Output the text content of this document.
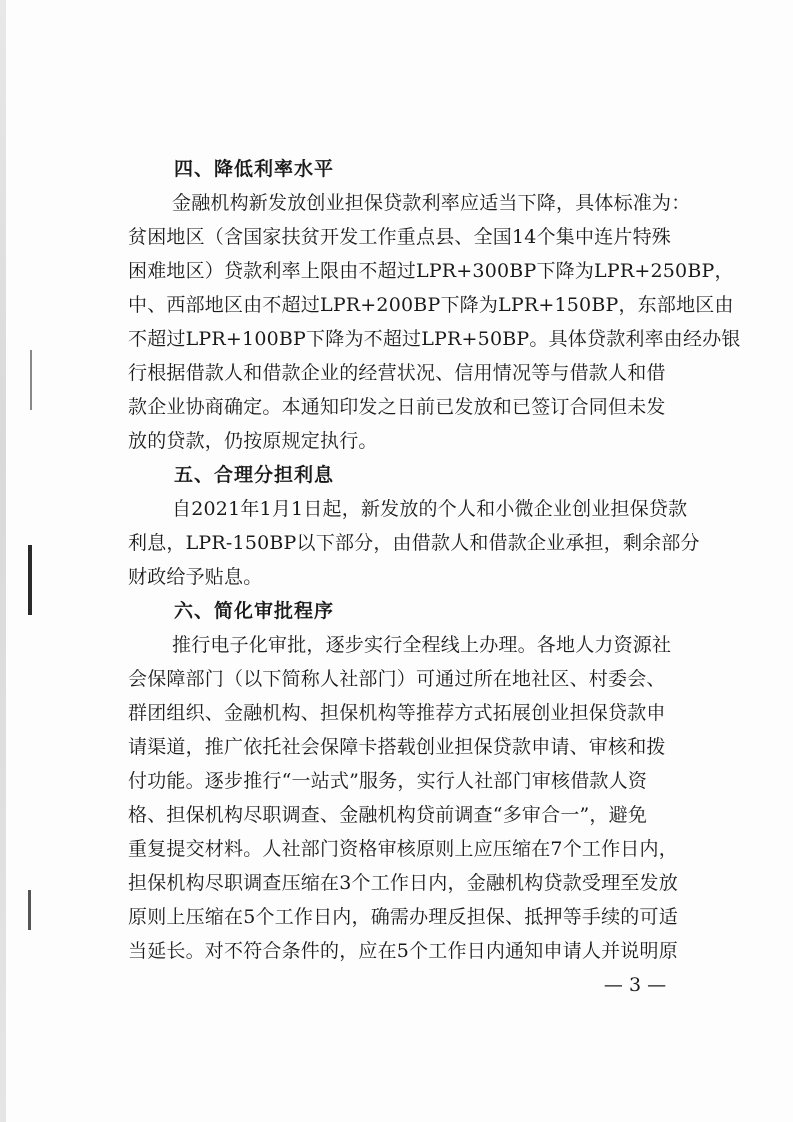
四、降低利率水平
金融机构新发放创业担保贷款利率应适当下降，具体标准为：
贫困地区（含国家扶贫开发工作重点县、全国14个集中连片特殊
困难地区）贷款利率上限由不超过LPR+300BP下降为LPR+250BP，
中、西部地区由不超过LPR+200BP下降为LPR+150BP，东部地区由
不超过LPR+100BP下降为不超过LPR+50BP。具体贷款利率由经办银
行根据借款人和借款企业的经营状况、信用情况等与借款人和借
款企业协商确定。本通知印发之日前已发放和已签订合同但未发
放的贷款，仍按原规定执行。
五、合理分担利息
自2021年1月1日起，新发放的个人和小微企业创业担保贷款
利息，LPR-150BP以下部分，由借款人和借款企业承担，剩余部分
财政给予贴息。
六、简化审批程序
推行电子化审批，逐步实行全程线上办理。各地人力资源社
会保障部门（以下简称人社部门）可通过所在地社区、村委会、
群团组织、金融机构、担保机构等推荐方式拓展创业担保贷款申
请渠道，推广依托社会保障卡搭载创业担保贷款申请、审核和拨
付功能。逐步推行“一站式”服务，实行人社部门审核借款人资
格、担保机构尽职调查、金融机构贷前调查“多审合一”，避免
重复提交材料。人社部门资格审核原则上应压缩在7个工作日内，
担保机构尽职调查压缩在3个工作日内，金融机构贷款受理至发放
原则上压缩在5个工作日内，确需办理反担保、抵押等手续的可适
当延长。对不符合条件的，应在5个工作日内通知申请人并说明原
— 3 —
